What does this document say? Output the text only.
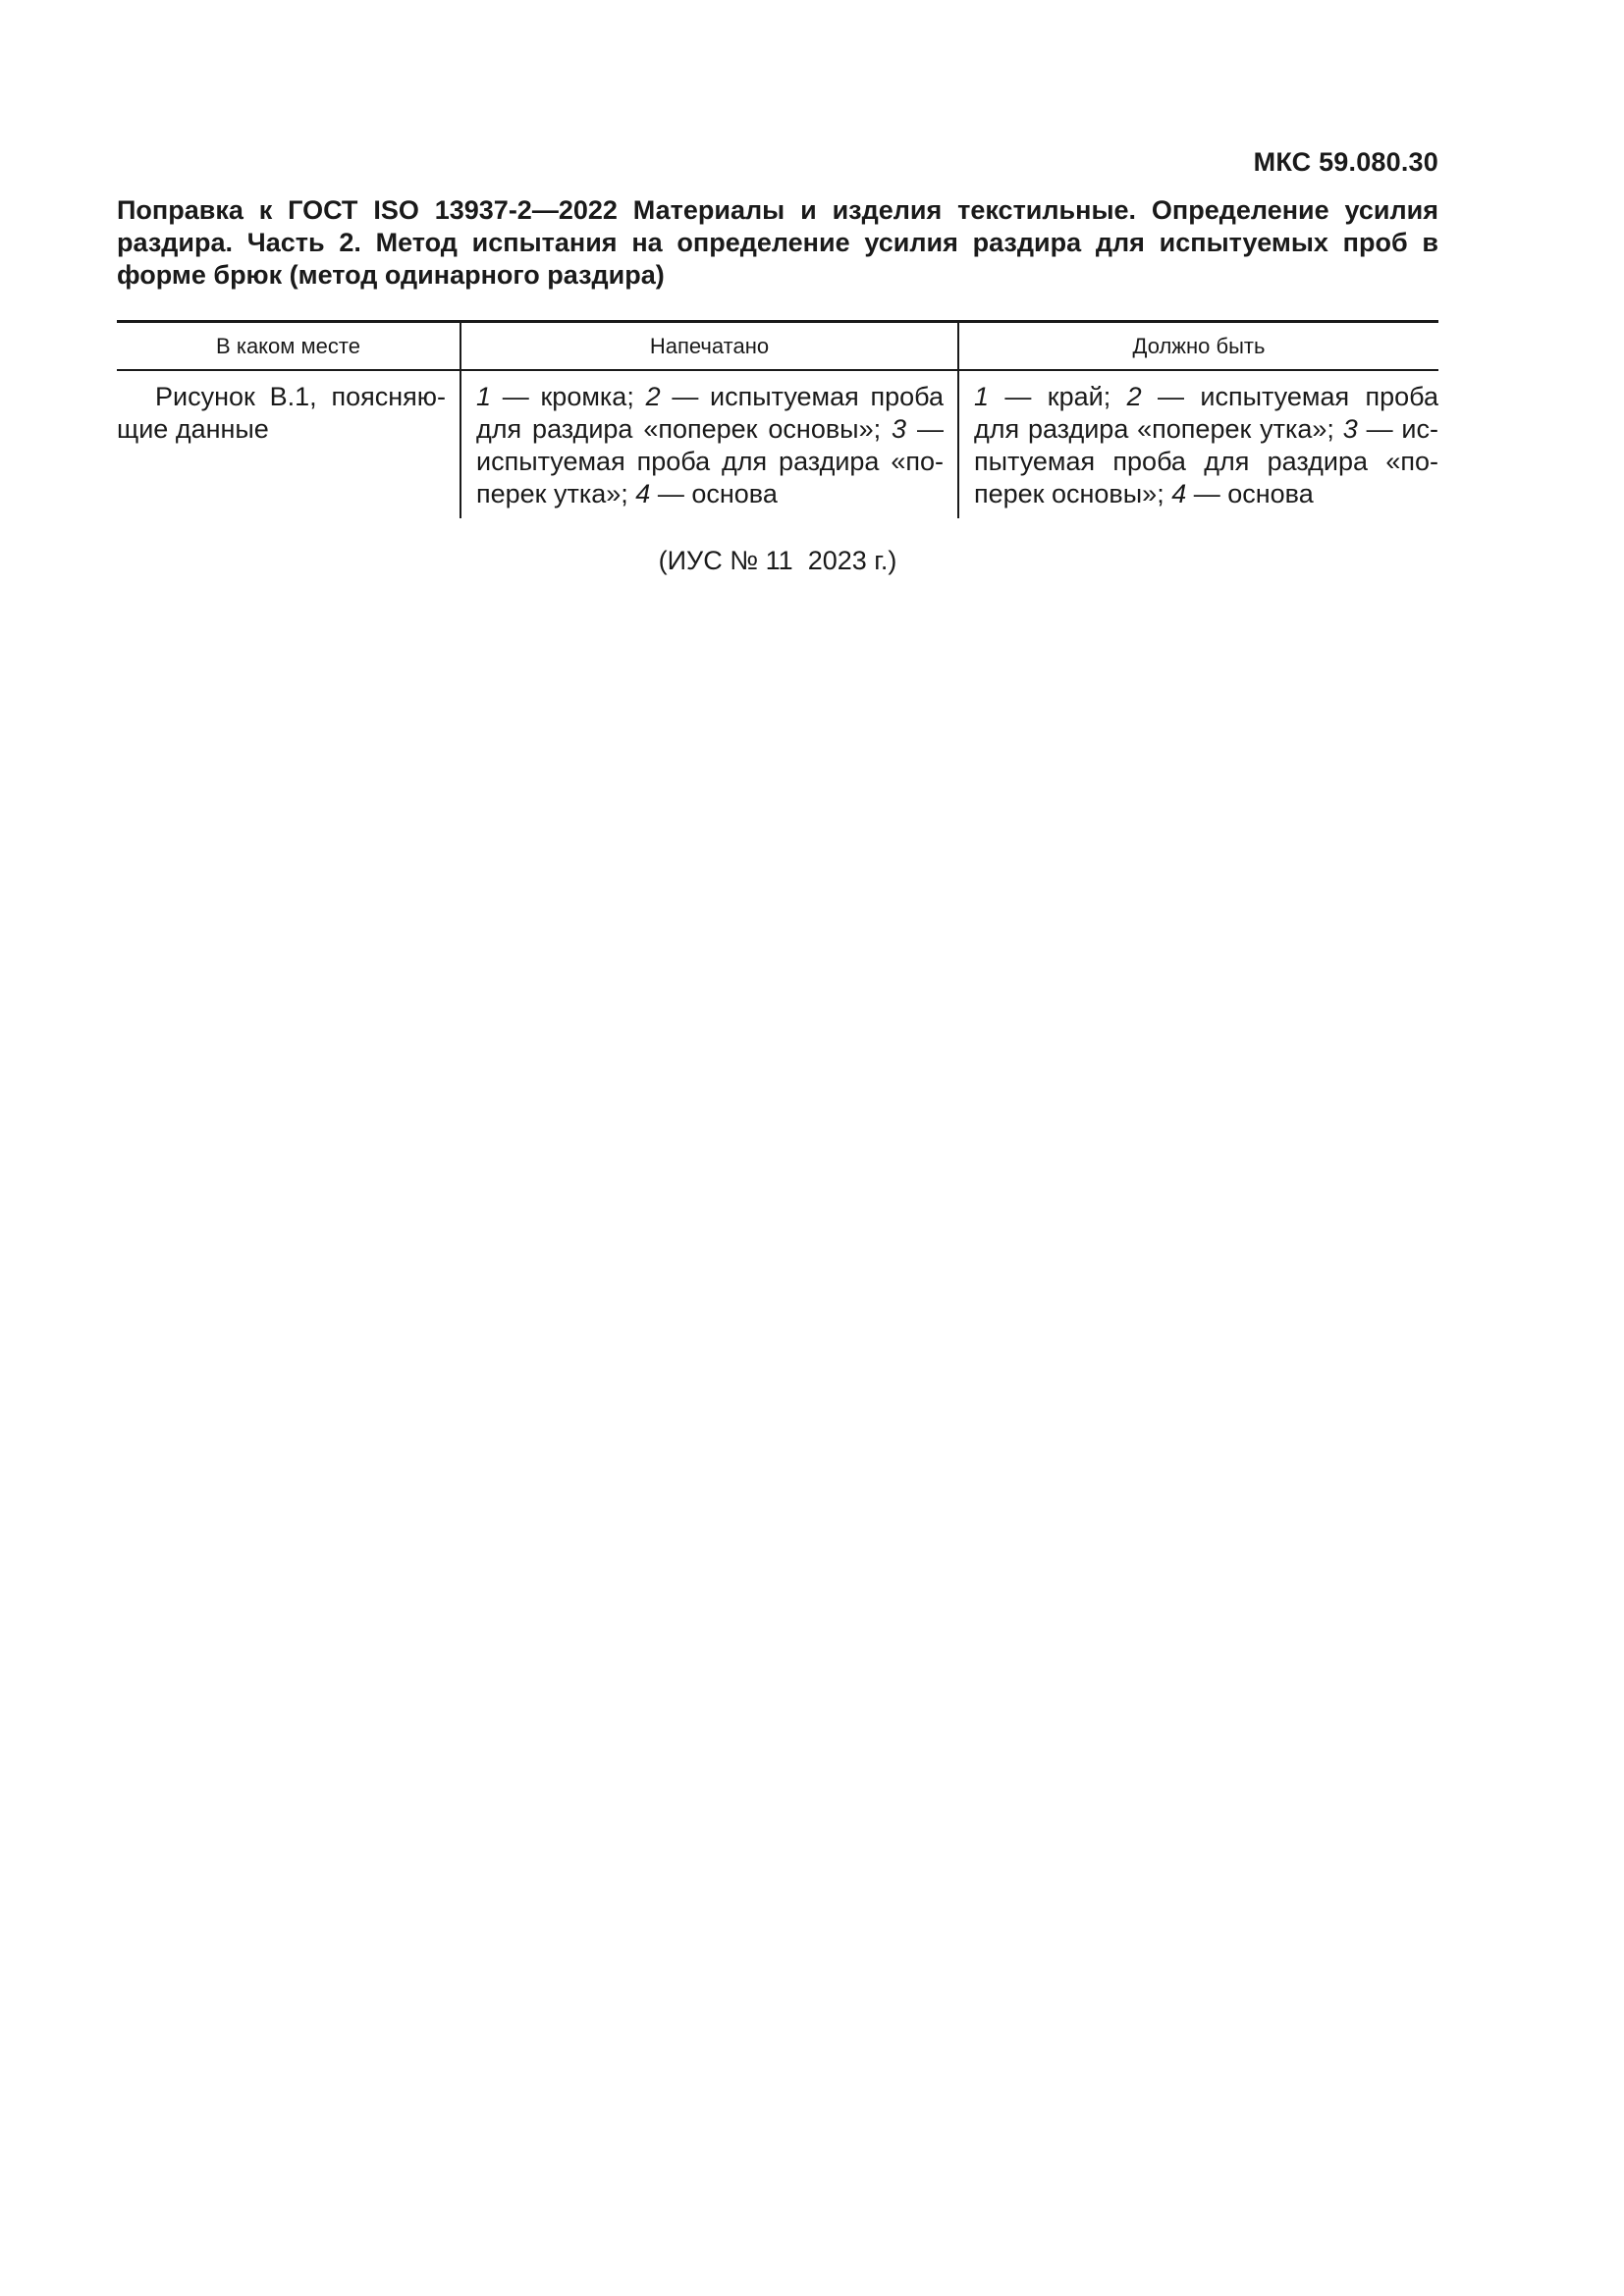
МКС 59.080.30
Поправка к ГОСТ ISO 13937-2—2022 Материалы и изделия текстильные. Определение усилия раздира. Часть 2. Метод испытания на определение усилия раздира для испытуемых проб в форме брюк (метод одинарного раздира)
В каком месте	Напечатано	Должно быть
Рисунок В.1, поясняю-щие данные
1 — кромка; 2 — испытуемая проба для раздира «поперек основы»; 3 — испытуемая проба для раздира «по-перек утка»; 4 — основа
1 — край; 2 — испытуемая проба для раздира «поперек утка»; 3 — ис-пытуемая проба для раздира «по-перек основы»; 4 — основа
(ИУС № 11  2023 г.)
